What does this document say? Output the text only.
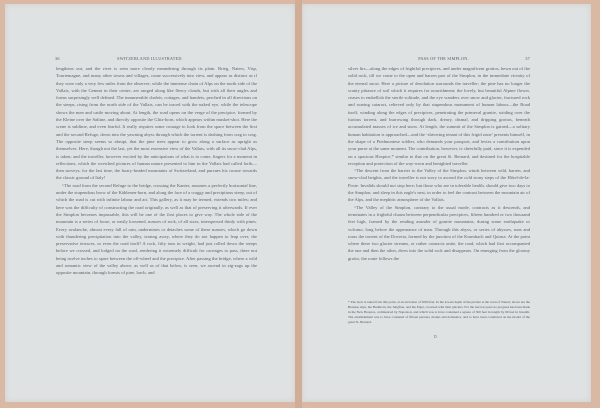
36	SWITZERLAND ILLUSTRATED.

lengthens out, and the river is seen more clearly meandering through its plain. Brieg, Naters, Visp, Tourtemagne, and many other towns and villages, come successively into view, and appear as distinct as if they were only a very few miles from the observer; while the immense chain of Alps on the north side of the Vallais, with the Gemmi in their centre, are ranged along like fleecy clouds, but with all their angles and forms surprisingly well defined. The innumerable chalets, cottages, and hamlets, perched in all directions on the steeps, rising from the north side of the Vallais, can be traced with the naked eye, while the telescope shows the men and cattle moving about. At length, the road opens on the verge of the precipice, formed by the Kleine over the Saltine, and directly opposite the Glitz-horn, which appears within musket-shot. Here the scene is sublime, and even fearful. It really requires some courage to look from the space between the first and the second Refuge, down into the yawning abyss through which the torrent is dashing from crag to crag. The opposite steep seems so abrupt, that the pine trees appear to grow along a surface as upright as themselves. Here, though not the last, yet the most extensive view of the Vallais, with all its snow-clad Alps, is taken; and the traveller, however excited by the anticipations of what is to come, lingers for a moment in reflections, which the wretched pictures of human nature presented to him in the Vallais had called forth—then surveys, for the last time, the hoary-headed mountains of Switzerland, and pursues his course towards the classic ground of Italy!

“The road from the second Refuge to the bridge, crossing the Kanter, assumes a perfectly horizontal line, under the stupendous brow of the Kählenen-horn, and along the face of a craggy and precipitous steep, out of which the road is cut with infinite labour and art. This gallery, as it may be termed, extends two miles; and here was the difficulty of constructing the road originally, as well as that of preserving it afterwards. If ever the Simplon becomes impassable, this will be one of the first places to give way. The whole side of the mountain is a series of loose, or easily loosened, masses of rock, of all sizes, interspersed thinly with pines. Every avalanche, almost every fall of rain, undermines or detaches some of these masses, which go down with thundering precipitation into the valley, tearing away, where they do not happen to leap over, the preservative terraces, or even the road itself! A rock, fifty tons in weight, had just rolled down the steeps before we crossed, and lodged on the road, rendering it extremely difficult for carriages to pass, there not being twelve inches to spare between the off-wheel and the precipice. After passing the bridge, where a wild and romantic view of the valley above, as well as of that below, is seen, we ascend in zig-zags up the opposite mountain, through forests of pine, larch, and

PASS OF THE SIMPLON.	37

silver firs—along the edges of frightful precipices, and under magnificent grottos, hewn out of the solid rock, till we come to the open and barren part of the Simplon, in the immediate vicinity of the eternal snow. Here a picture of desolation surrounds the traveller; the pine has no longer the scanty pittance of soil which it requires for nourishment; the lovely, but beautiful Alpine flower, ceases to embellish the sterile solitude, and the eye wanders over snow and glacier, fractured rock and roaring cataract, relieved only by that stupendous monument of human labour—the Road itself, winding along the edges of precipices, penetrating the primeval granite, striding over the furious torrent, and burrowing through dark, dreary, dismal, and dripping grottos, beneath accumulated masses of ice and snow. At length, the summit of the Simplon is gained—a solitary human habitation is approached—and the ‘shivering tenant of this frigid zone’ presents himself, in the shape of a Piedmontese soldier, who demands your passport, and levies a contribution upon your purse at the same moment. The contribution, however, is cheerfully paid, since it is expended on a spacious Hospice,* similar to that on the great St. Bernard, and destined for the hospitable reception and protection of the way-worn and benighted traveller.

“The descent from the barrier to the Valley of the Simplon, winds between wild, barren, and snow-clad heights, and the traveller is not sorry to ascend the cold stony steps of the Hôtel-de-la-Poste. Invalids should not stop here; but those who are in tolerable health, should give two days to the Simplon, and sleep in this eagle's nest, in order to feel the contrast between the mountain air of the Alps, and the mephitic atmosphere of the Vallais.

“The Valley of the Simplon, contrary to the usual mode, contracts as it descends, and terminates in a frightful chasm between perpendicular precipices, fifteen hundred or two thousand feet high, formed by the rending asunder of granite mountains, during some earthquake or volcano, long before the appearance of man. Through this abyss, or series of abysses, runs and roars the torrent of the Doveria, formed by the junction of the Krumbach and Quirna. At the point where these two glacier streams, or rather cataracts unite, the road, which had first accompanied the one and then the other, dives into the solid rock and disappears. On emerging from the gloomy grotto, the route follows the

* The view is taken from this point, at an elevation of 5000 feet. In the lowest depth of the picture is the town of Naters; above are the Bernese Alps, the Breithorn, the Jungfrau, and the Eiger, crowned with their glaciers. For the last ten years no progress has been made in the New Hospice, commenced by Napoleon, and which was to have contained a square of 300 feet in length by 60 feet in breadth. The establishment was to have consisted of fifteen persons, monks and domestics, and to have been conducted on the model of the great St. Bernard.
D
